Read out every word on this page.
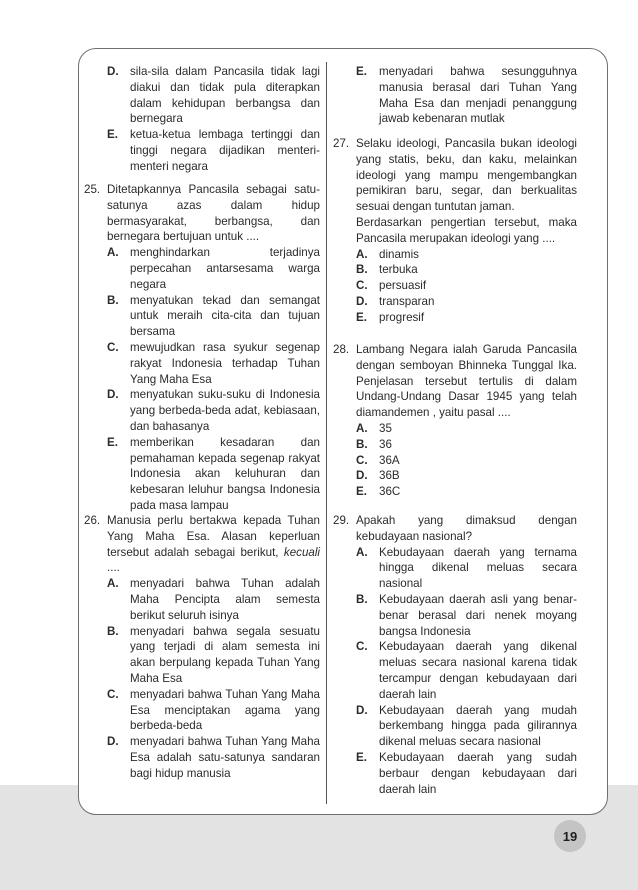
D. sila-sila dalam Pancasila tidak lagi diakui dan tidak pula diterapkan dalam kehidupan berbangsa dan bernegara
E.	ketua-ketua lembaga tertinggi dan tinggi negara dijadikan menteri-menteri negara
25. Ditetapkannya Pancasila sebagai satu-satunya azas dalam hidup bermasyarakat, berbangsa, dan bernegara bertujuan untuk ....
A. menghindarkan terjadinya perpecahan antarsesama warga negara
B. menyatukan tekad dan semangat untuk meraih cita-cita dan tujuan bersama
C. mewujudkan rasa syukur segenap rakyat Indonesia terhadap Tuhan Yang Maha Esa
D. menyatukan suku-suku di Indonesia yang berbeda-beda adat, kebiasaan, dan bahasanya
E.	memberikan kesadaran dan pemahaman kepada segenap rakyat Indonesia akan keluhuran dan kebesaran leluhur bangsa Indonesia pada masa lampau
26. Manusia perlu bertakwa kepada Tuhan Yang Maha Esa. Alasan keperluan tersebut adalah sebagai berikut, kecuali ....
A. menyadari bahwa Tuhan adalah Maha Pencipta alam semesta berikut seluruh isinya
B. menyadari bahwa segala sesuatu yang terjadi di alam semesta ini akan berpulang kepada Tuhan Yang Maha Esa
C. menyadari bahwa Tuhan Yang Maha Esa menciptakan agama yang berbeda-beda
D. menyadari bahwa Tuhan Yang Maha Esa adalah satu-satunya sandaran bagi hidup manusia
E.	menyadari bahwa sesungguhnya manusia berasal dari Tuhan Yang Maha Esa dan menjadi penanggung jawab kebenaran mutlak
27. Selaku ideologi, Pancasila bukan ideologi yang statis, beku, dan kaku, melainkan ideologi yang mampu mengembangkan pemikiran baru, segar, dan berkualitas sesuai dengan tuntutan jaman.
Berdasarkan pengertian tersebut, maka Pancasila merupakan ideologi yang ....
A. dinamis
B. terbuka
C. persuasif
D. transparan
E.	progresif
28. Lambang Negara ialah Garuda Pancasila dengan semboyan Bhinneka Tunggal Ika. Penjelasan tersebut tertulis di dalam Undang-Undang Dasar 1945 yang telah diamandemen , yaitu pasal ....
A. 35
B. 36
C. 36A
D. 36B
E.	36C
29. Apakah yang dimaksud dengan kebudayaan nasional?
A. Kebudayaan daerah yang ternama hingga dikenal meluas secara nasional
B. Kebudayaan daerah asli yang benar-benar berasal dari nenek moyang bangsa Indonesia
C. Kebudayaan daerah yang dikenal meluas secara nasional karena tidak tercampur dengan kebudayaan dari daerah lain
D. Kebudayaan daerah yang mudah berkembang hingga pada gilirannya dikenal meluas secara nasional
E.	Kebudayaan daerah yang sudah berbaur dengan kebudayaan dari daerah lain
19
